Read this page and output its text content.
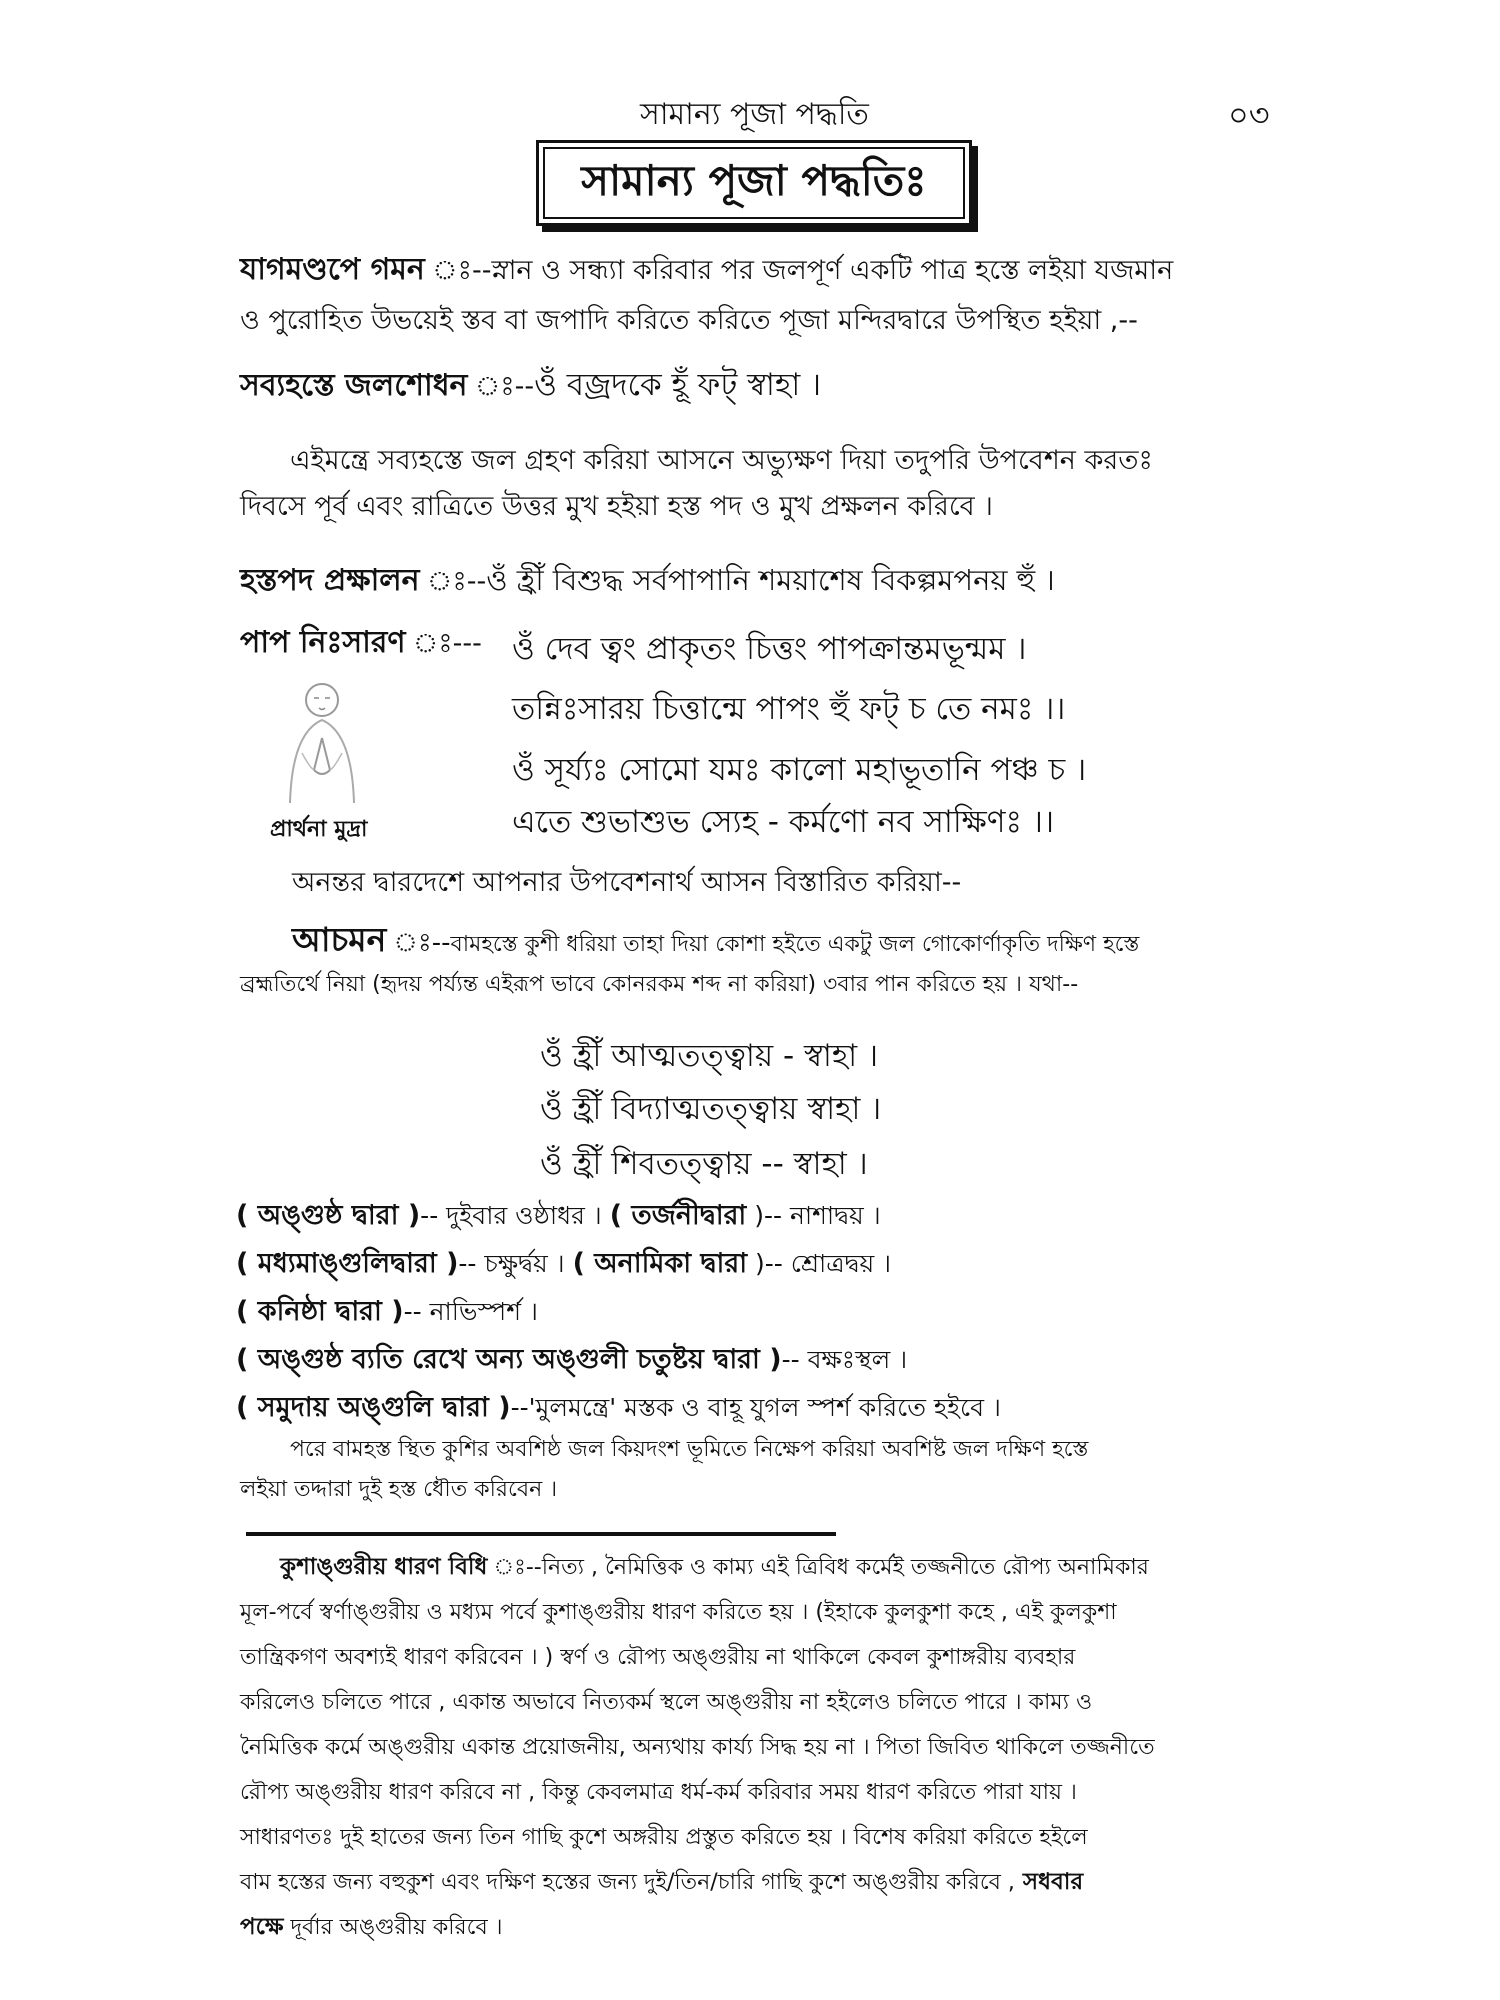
সামান্য পূজা পদ্ধতি	০৩
সামান্য পূজা পদ্ধতিঃ
যাগমণ্ডপে গমন ঃ--স্নান ও সন্ধ্যা করিবার পর জলপূর্ণ একটি পাত্র হস্তে লইয়া যজমান
ও পুরোহিত উভয়েই স্তব বা জপাদি করিতে করিতে পূজা মন্দিরদ্বারে উপস্থিত হইয়া ,--
সব্যহস্তে জলশোধন ঃ--ওঁ বজ্রদকে হূঁ ফট্ স্বাহা ।
এইমন্ত্রে সব্যহস্তে জল গ্রহণ করিয়া আসনে অভ্যুক্ষণ দিয়া তদুপরি উপবেশন করতঃ
দিবসে পূর্ব এবং রাত্রিতে উত্তর মুখ হইয়া হস্ত পদ ও মুখ প্রক্ষলন করিবে ।
হস্তপদ প্রক্ষালন ঃ--ওঁ হ্রীঁ বিশুদ্ধ সর্বপাপানি শময়াশেষ বিকল্পমপনয় হুঁ ।
পাপ নিঃসারণ ঃ--- ওঁ দেব ত্বং প্রাকৃতং চিত্তং পাপক্রান্তমভূন্মম ।
তন্নিঃসারয় চিত্তান্মে পাপং হুঁ ফট্ চ তে নমঃ ।।
ওঁ সূর্য্যঃ সোমো যমঃ কালো মহাভূতানি পঞ্চ চ ।
এতে শুভাশুভ স্যেহ - কর্মণো নব সাক্ষিণঃ ।।
প্রার্থনা মুদ্রা
অনন্তর দ্বারদেশে আপনার উপবেশনার্থ আসন বিস্তারিত করিয়া--
আচমন ঃ--বামহস্তে কুশী ধরিয়া তাহা দিয়া কোশা হইতে একটু জল গোকোর্ণাকৃতি দক্ষিণ হস্তে
ব্রহ্মতির্থে নিয়া (হৃদয় পর্য্যন্ত এইরূপ ভাবে কোনরকম শব্দ না করিয়া) ৩বার পান করিতে হয় । যথা--
ওঁ হ্রীঁ আত্মতত্ত্বায় - স্বাহা ।
ওঁ হ্রীঁ বিদ্যাত্মতত্ত্বায় স্বাহা ।
ওঁ হ্রীঁ শিবতত্ত্বায় -- স্বাহা ।
( অঙ্গুষ্ঠ দ্বারা )-- দুইবার ওষ্ঠাধর । ( তর্জনীদ্বারা )-- নাশাদ্বয় ।
( মধ্যমাঙ্গুলিদ্বারা )-- চক্ষুর্দ্বয় । ( অনামিকা দ্বারা )-- শ্রোত্রদ্বয় ।
( কনিষ্ঠা দ্বারা )-- নাভিস্পর্শ ।
( অঙ্গুষ্ঠ ব্যতি রেখে অন্য অঙ্গুলী চতুষ্টয় দ্বারা )-- বক্ষঃস্থল ।
( সমুদায় অঙ্গুলি দ্বারা )--'মুলমন্ত্রে' মস্তক ও বাহূ যুগল স্পর্শ করিতে হইবে ।
পরে বামহস্ত স্থিত কুশির অবশিষ্ঠ জল কিয়দংশ ভূমিতে নিক্ষেপ করিয়া অবশিষ্ট জল দক্ষিণ হস্তে
লইয়া তদ্দারা দুই হস্ত ধৌত করিবেন ।
কুশাঙ্গুরীয় ধারণ বিধি ঃ--নিত্য , নৈমিত্তিক ও কাম্য এই ত্রিবিধ কর্মেই তজ্জনীতে রৌপ্য অনামিকার
মূল-পর্বে স্বর্ণাঙ্গুরীয় ও মধ্যম পর্বে কুশাঙ্গুরীয় ধারণ করিতে হয় । (ইহাকে কুলকুশা কহে , এই কুলকুশা
তান্ত্রিকগণ অবশ্যই ধারণ করিবেন । ) স্বর্ণ ও রৌপ্য অঙ্গুরীয় না থাকিলে কেবল কুশাঙ্গরীয় ব্যবহার
করিলেও চলিতে পারে , একান্ত অভাবে নিত্যকর্ম স্থলে অঙ্গুরীয় না হইলেও চলিতে পারে । কাম্য ও
নৈমিত্তিক কর্মে অঙ্গুরীয় একান্ত প্রয়োজনীয়, অন্যথায় কার্য্য সিদ্ধ হয় না । পিতা জিবিত থাকিলে তজ্জনীতে
রৌপ্য অঙ্গুরীয় ধারণ করিবে না , কিন্তু কেবলমাত্র ধর্ম-কর্ম করিবার সময় ধারণ করিতে পারা যায় ।
সাধারণতঃ দুই হাতের জন্য তিন গাছি কুশে অঙ্গরীয় প্রস্তুত করিতে হয় । বিশেষ করিয়া করিতে হইলে
বাম হস্তের জন্য বহুকুশ এবং দক্ষিণ হস্তের জন্য দুই/তিন/চারি গাছি কুশে অঙ্গুরীয় করিবে , সধবার
পক্ষে দূর্বার অঙ্গুরীয় করিবে ।
